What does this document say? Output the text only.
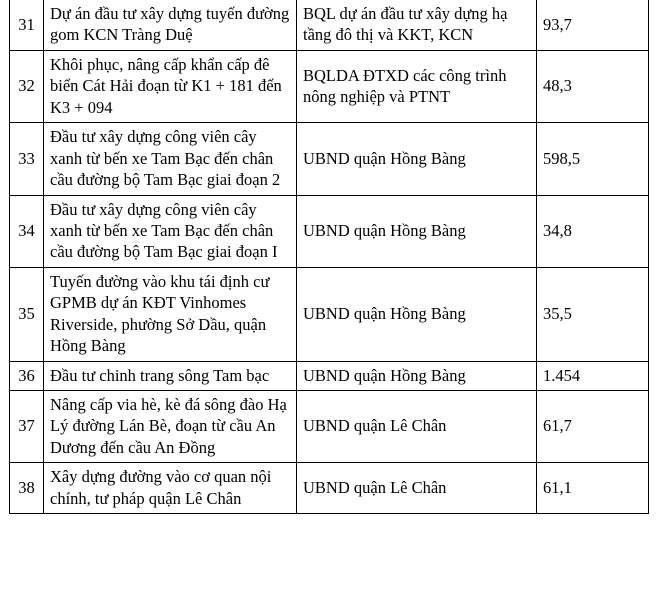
31	Dự án đầu tư xây dựng tuyến đường gom KCN Tràng Duệ	BQL dự án đầu tư xây dựng hạ tầng đô thị và KKT, KCN	93,7
32	Khôi phục, nâng cấp khẩn cấp đê biển Cát Hải đoạn từ K1 + 181 đến K3 + 094	BQLDA ĐTXD các công trình nông nghiệp và PTNT	48,3
33	Đầu tư xây dựng công viên cây xanh từ bến xe Tam Bạc đến chân cầu đường bộ Tam Bạc giai đoạn 2	UBND quận Hồng Bàng	598,5
34	Đầu tư xây dựng công viên cây xanh từ bến xe Tam Bạc đến chân cầu đường bộ Tam Bạc giai đoạn I	UBND quận Hồng Bàng	34,8
35	Tuyến đường vào khu tái định cư GPMB dự án KĐT Vinhomes Riverside, phường Sở Dầu, quận Hồng Bàng	UBND quận Hồng Bàng	35,5
36	Đầu tư chinh trang sông Tam bạc	UBND quận Hồng Bàng	1.454
37	Nâng cấp via hè, kè đá sông đào Hạ Lý đường Lán Bè, đoạn từ cầu An Dương đến cầu An Đồng	UBND quận Lê Chân	61,7
38	Xây dựng đường vào cơ quan nội chính, tư pháp quận Lê Chân	UBND quận Lê Chân	61,1
